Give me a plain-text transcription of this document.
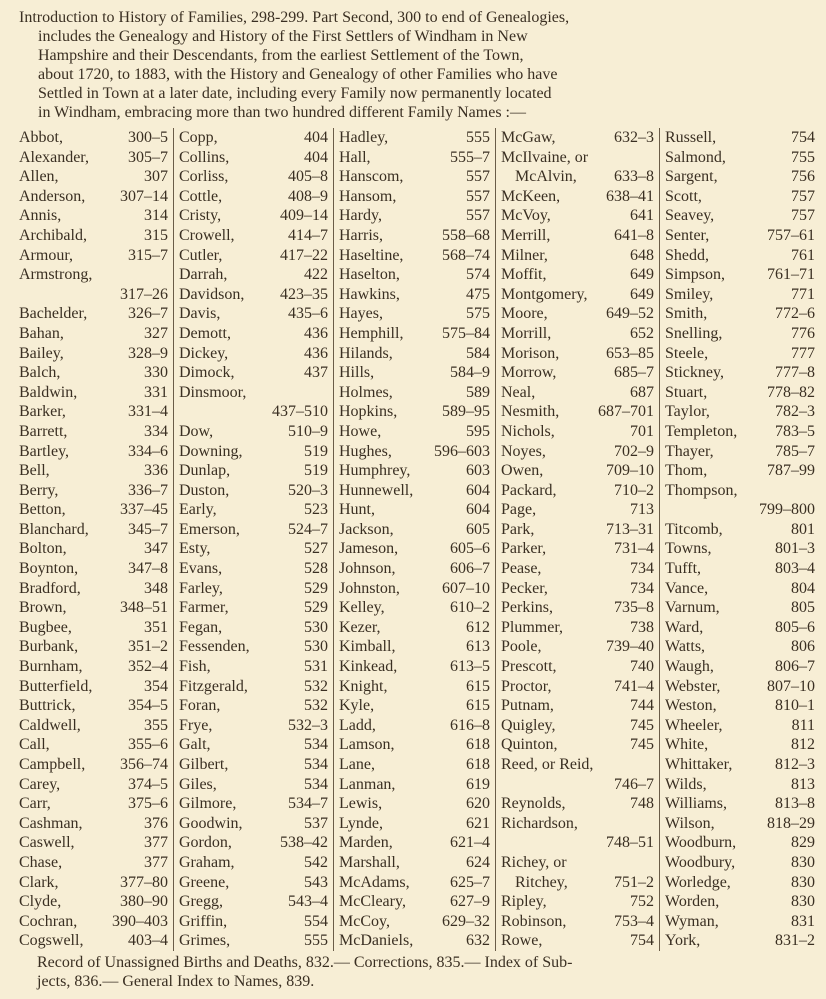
Introduction to History of Families, 298-299. Part Second, 300 to end of Genealogies,
includes the Genealogy and History of the First Settlers of Windham in New
Hampshire and their Descendants, from the earliest Settlement of the Town,
about 1720, to 1883, with the History and Genealogy of other Families who have
Settled in Town at a later date, including every Family now permanently located
in Windham, embracing more than two hundred different Family Names :—
Abbot,	300–5
Alexander, 305–7
Allen,	307
Anderson, 307–14
Annis,	314
Archibald,	315
Armour,	315–7
Armstrong,
317–26
Bachelder,	326–7
Bahan,	327
Bailey,	328–9
Balch,	330
Baldwin,	331
Barker,	331–4
Barrett,	334
Bartley,	334–6
Bell,	336
Berry,	336–7
Betton,	337–45
Blanchard, 345–7
Bolton,	347
Boynton,	347–8
Bradford,	348
Brown,	348–51
Bugbee,	351
Burbank,	351–2
Burnham,	352–4
Butterfield,	354
Buttrick,	354–5
Caldwell,	355
Call,	355–6
Campbell, 356–74
Carey,	374–5
Carr,	375–6
Cashman,	376
Caswell,	377
Chase,	377
Clark,	377–80
Clyde,	380–90
Cochran, 390–403
Cogswell,	403–4
Copp,	404
Collins,	404
Corliss,	405–8
Cottle,	408–9
Cristy,	409–14
Crowell,	414–7
Cutler,	417–22
Darrah,	422
Davidson, 423–35
Davis,	435–6
Demott,	436
Dickey,	436
Dimock,	437
Dinsmoor,
437–510
Dow,	510–9
Downing,	519
Dunlap,	519
Duston,	520–3
Early,	523
Emerson,	524–7
Esty,	527
Evans,	528
Farley,	529
Farmer,	529
Fegan,	530
Fessenden,	530
Fish,	531
Fitzgerald,	532
Foran,	532
Frye,	532–3
Galt,	534
Gilbert,	534
Giles,	534
Gilmore,	534–7
Goodwin,	537
Gordon,	538–42
Graham,	542
Greene,	543
Gregg,	543–4
Griffin,	554
Grimes,	555
Hadley,	555
Hall,	555–7
Hanscom,	557
Hansom,	557
Hardy,	557
Harris,	558–68
Haseltine, 568–74
Haselton,	574
Hawkins,	475
Hayes,	575
Hemphill, 575–84
Hilands,	584
Hills,	584–9
Holmes,	589
Hopkins,	589–95
Howe,	595
Hughes,	596–603
Humphrey,	603
Hunnewell,	604
Hunt,	604
Jackson,	605
Jameson,	605–6
Johnson,	606–7
Johnston,	607–10
Kelley,	610–2
Kezer,	612
Kimball,	613
Kinkead,	613–5
Knight,	615
Kyle,	615
Ladd,	616–8
Lamson,	618
Lane,	618
Lanman,	619
Lewis,	620
Lynde,	621
Marden,	621–4
Marshall,	624
McAdams,	625–7
McCleary,	627–9
McCoy,	629–32
McDaniels,	632
McGaw,	632–3
McIlvaine, or
McAlvin, 633–8
McKeen,	638–41
McVoy,	641
Merrill,	641–8
Milner,	648
Moffit,	649
Montgomery,	649
Moore,	649–52
Morrill,	652
Morison,	653–85
Morrow,	685–7
Neal,	687
Nesmith, 687–701
Nichols,	701
Noyes,	702–9
Owen,	709–10
Packard,	710–2
Page,	713
Park,	713–31
Parker,	731–4
Pease,	734
Pecker,	734
Perkins,	735–8
Plummer,	738
Poole,	739–40
Prescott,	740
Proctor,	741–4
Putnam,	744
Quigley,	745
Quinton,	745
Reed, or Reid,
746–7
Reynolds,	748
Richardson,
748–51
Richey, or
Ritchey,	751–2
Ripley,	752
Robinson,	753–4
Rowe,	754
Russell,	754
Salmond,	755
Sargent,	756
Scott,	757
Seavey,	757
Senter,	757–61
Shedd,	761
Simpson,	761–71
Smiley,	771
Smith,	772–6
Snelling,	776
Steele,	777
Stickney,	777–8
Stuart,	778–82
Taylor,	782–3
Templeton, 783–5
Thayer,	785–7
Thom,	787–99
Thompson,
799–800
Titcomb,	801
Towns,	801–3
Tufft,	803–4
Vance,	804
Varnum,	805
Ward,	805–6
Watts,	806
Waugh,	806–7
Webster,	807–10
Weston,	810–1
Wheeler,	811
White,	812
Whittaker,	812–3
Wilds,	813
Williams,	813–8
Wilson,	818–29
Woodburn,	829
Woodbury,	830
Worledge,	830
Worden,	830
Wyman,	831
York,	831–2
Record of Unassigned Births and Deaths, 832.— Corrections, 835.— Index of Sub-
jects, 836.— General Index to Names, 839.
